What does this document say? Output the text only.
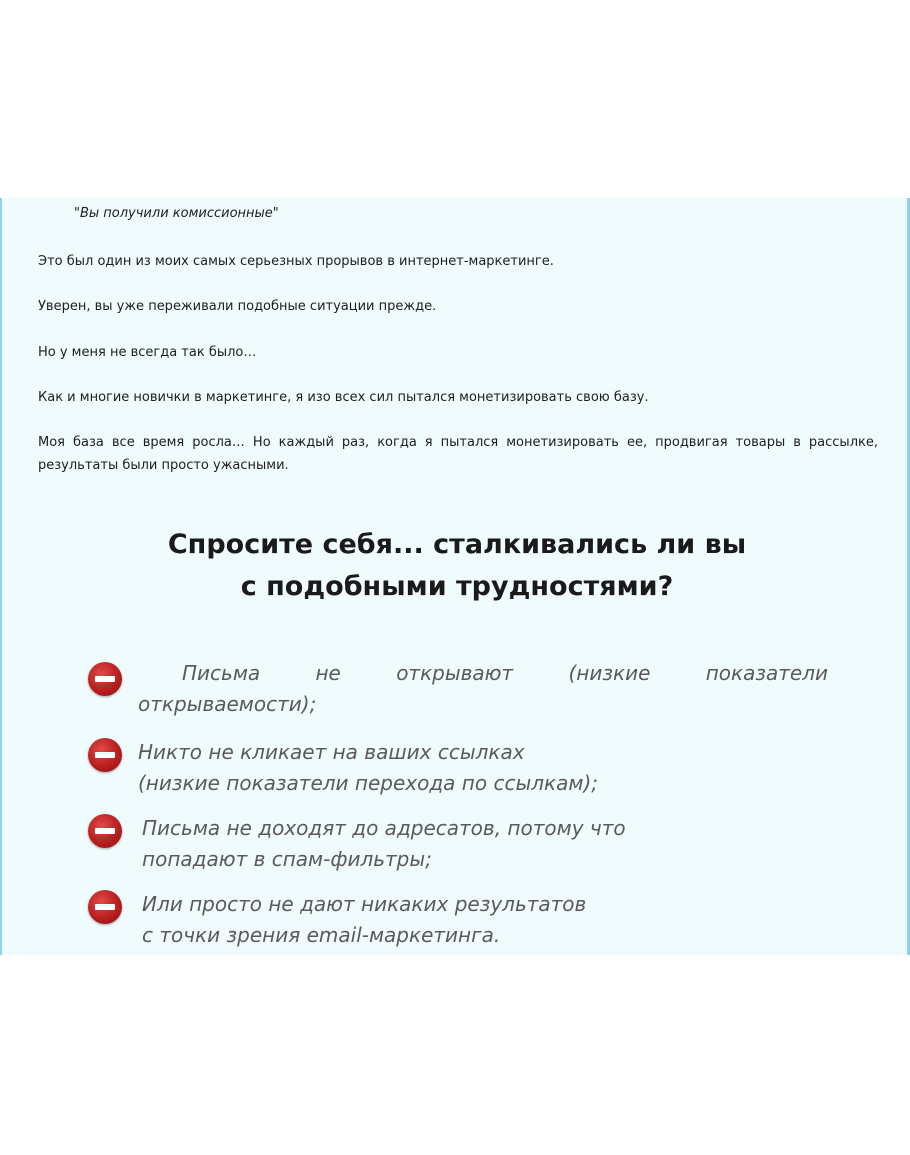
"Вы получили комиссионные"

Это был один из моих самых серьезных прорывов в интернет-маркетинге.

Уверен, вы уже переживали подобные ситуации прежде.

Но у меня не всегда так было…

Как и многие новички в маркетинге, я изо всех сил пытался монетизировать свою базу.

Моя база все время росла… Но каждый раз, когда я пытался монетизировать ее, продвигая товары в рассылке, результаты были просто ужасными.

Спросите себя... сталкивались ли вы
с подобными трудностями?

Письма	не	открывают	(низкие	показатели
открываемости);

Никто не кликает на ваших ссылках
(низкие показатели перехода по ссылкам);

Письма не доходят до адресатов, потому что
попадают в спам-фильтры;

Или просто не дают никаких результатов
с точки зрения email-маркетинга.
